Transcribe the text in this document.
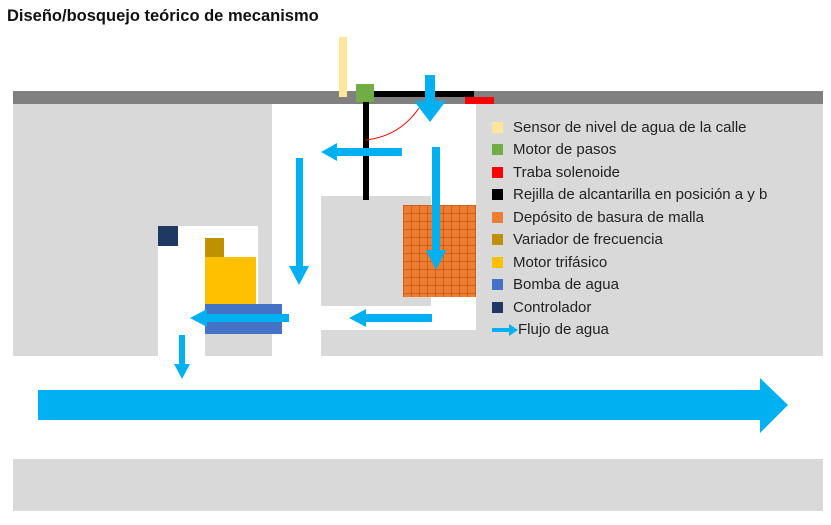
Diseño/bosquejo teórico de mecanismo
Sensor de nivel de agua de la calle
Motor de pasos
Traba solenoide
Rejilla de alcantarilla en posición a y b
Depósito de basura de malla
Variador de frecuencia
Motor trifásico
Bomba de agua
Controlador
Flujo de agua
